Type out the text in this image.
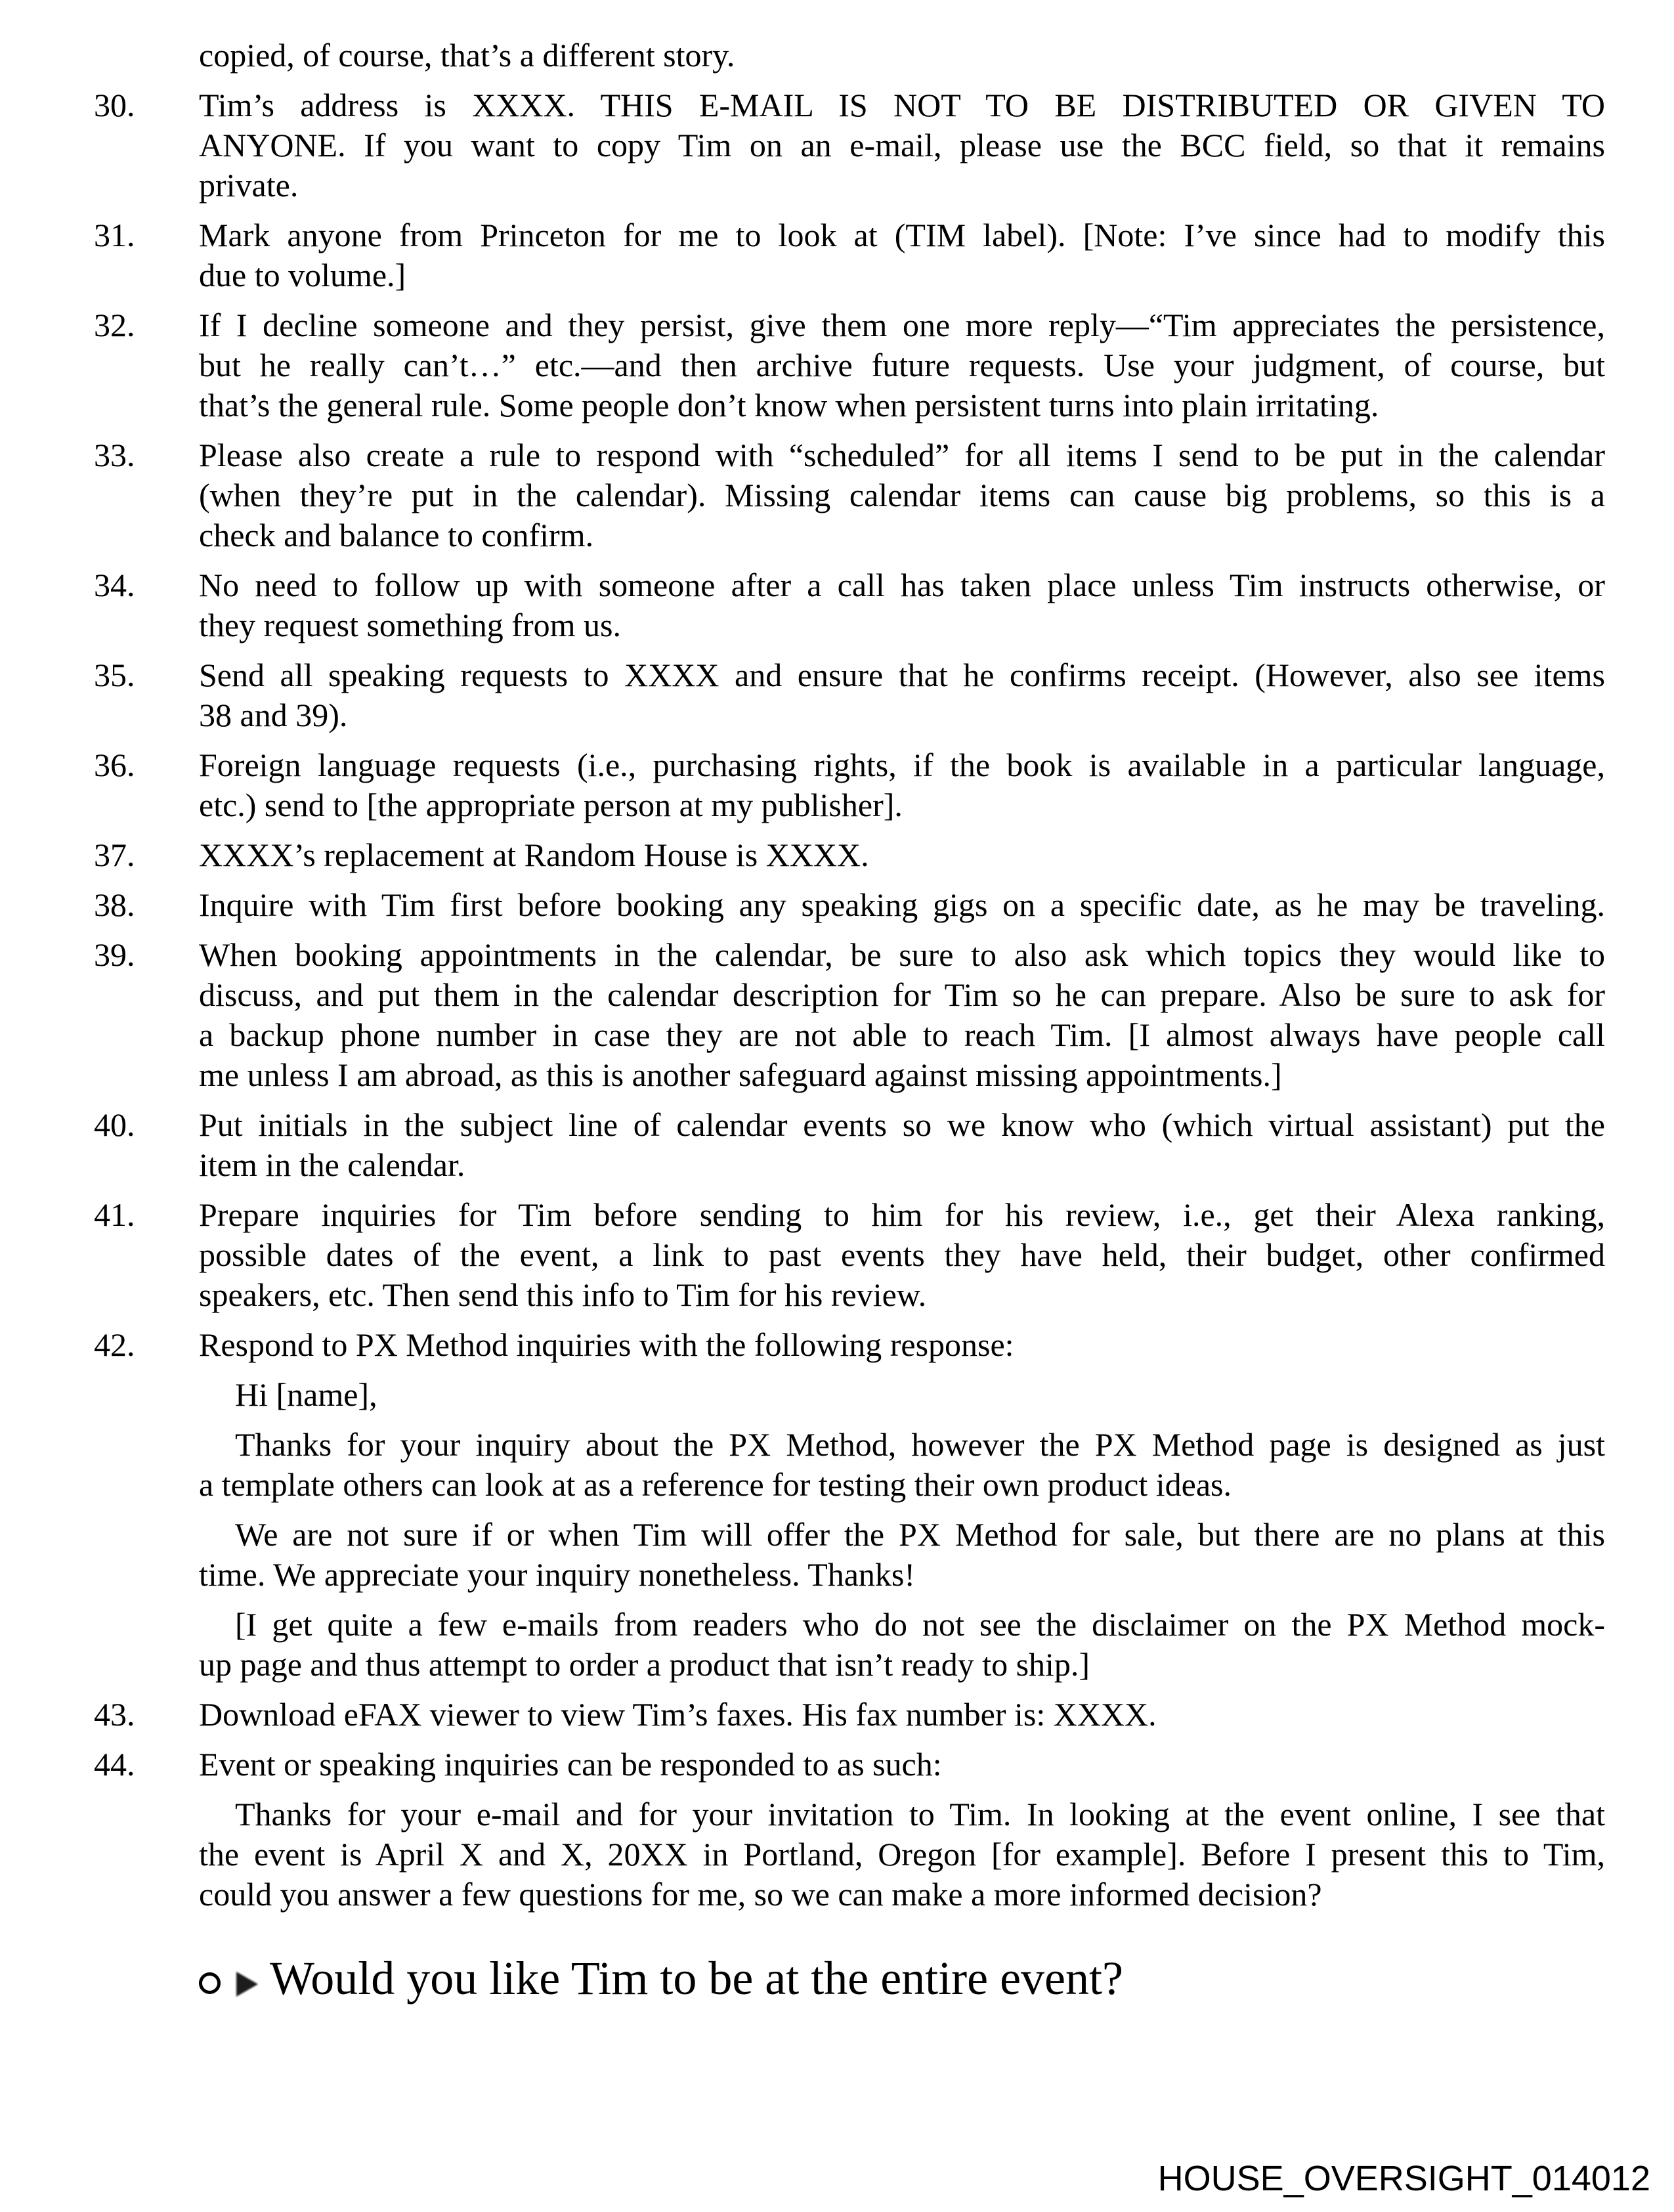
copied, of course, that’s a different story.
30.	Tim’s address is XXXX. THIS E-MAIL IS NOT TO BE DISTRIBUTED OR GIVEN TO
ANYONE. If you want to copy Tim on an e-mail, please use the BCC field, so that it remains
private.
31.	Mark anyone from Princeton for me to look at (TIM label). [Note: I’ve since had to modify this
due to volume.]
32.	If I decline someone and they persist, give them one more reply—“Tim appreciates the persistence,
but he really can’t…” etc.—and then archive future requests. Use your judgment, of course, but
that’s the general rule. Some people don’t know when persistent turns into plain irritating.
33.	Please also create a rule to respond with “scheduled” for all items I send to be put in the calendar
(when they’re put in the calendar). Missing calendar items can cause big problems, so this is a
check and balance to confirm.
34.	No need to follow up with someone after a call has taken place unless Tim instructs otherwise, or
they request something from us.
35.	Send all speaking requests to XXXX and ensure that he confirms receipt. (However, also see items
38 and 39).
36.	Foreign language requests (i.e., purchasing rights, if the book is available in a particular language,
etc.) send to [the appropriate person at my publisher].
37.	XXXX’s replacement at Random House is XXXX.
38.	Inquire with Tim first before booking any speaking gigs on a specific date, as he may be traveling.
39.	When booking appointments in the calendar, be sure to also ask which topics they would like to
discuss, and put them in the calendar description for Tim so he can prepare. Also be sure to ask for
a backup phone number in case they are not able to reach Tim. [I almost always have people call
me unless I am abroad, as this is another safeguard against missing appointments.]
40.	Put initials in the subject line of calendar events so we know who (which virtual assistant) put the
item in the calendar.
41.	Prepare inquiries for Tim before sending to him for his review, i.e., get their Alexa ranking,
possible dates of the event, a link to past events they have held, their budget, other confirmed
speakers, etc. Then send this info to Tim for his review.
42.	Respond to PX Method inquiries with the following response:
Hi [name],
Thanks for your inquiry about the PX Method, however the PX Method page is designed as just
a template others can look at as a reference for testing their own product ideas.
We are not sure if or when Tim will offer the PX Method for sale, but there are no plans at this
time. We appreciate your inquiry nonetheless. Thanks!
[I get quite a few e-mails from readers who do not see the disclaimer on the PX Method mock-
up page and thus attempt to order a product that isn’t ready to ship.]
43.	Download eFAX viewer to view Tim’s faxes. His fax number is: XXXX.
44.	Event or speaking inquiries can be responded to as such:
Thanks for your e-mail and for your invitation to Tim. In looking at the event online, I see that
the event is April X and X, 20XX in Portland, Oregon [for example]. Before I present this to Tim,
could you answer a few questions for me, so we can make a more informed decision?
Would you like Tim to be at the entire event?
HOUSE_OVERSIGHT_014012
